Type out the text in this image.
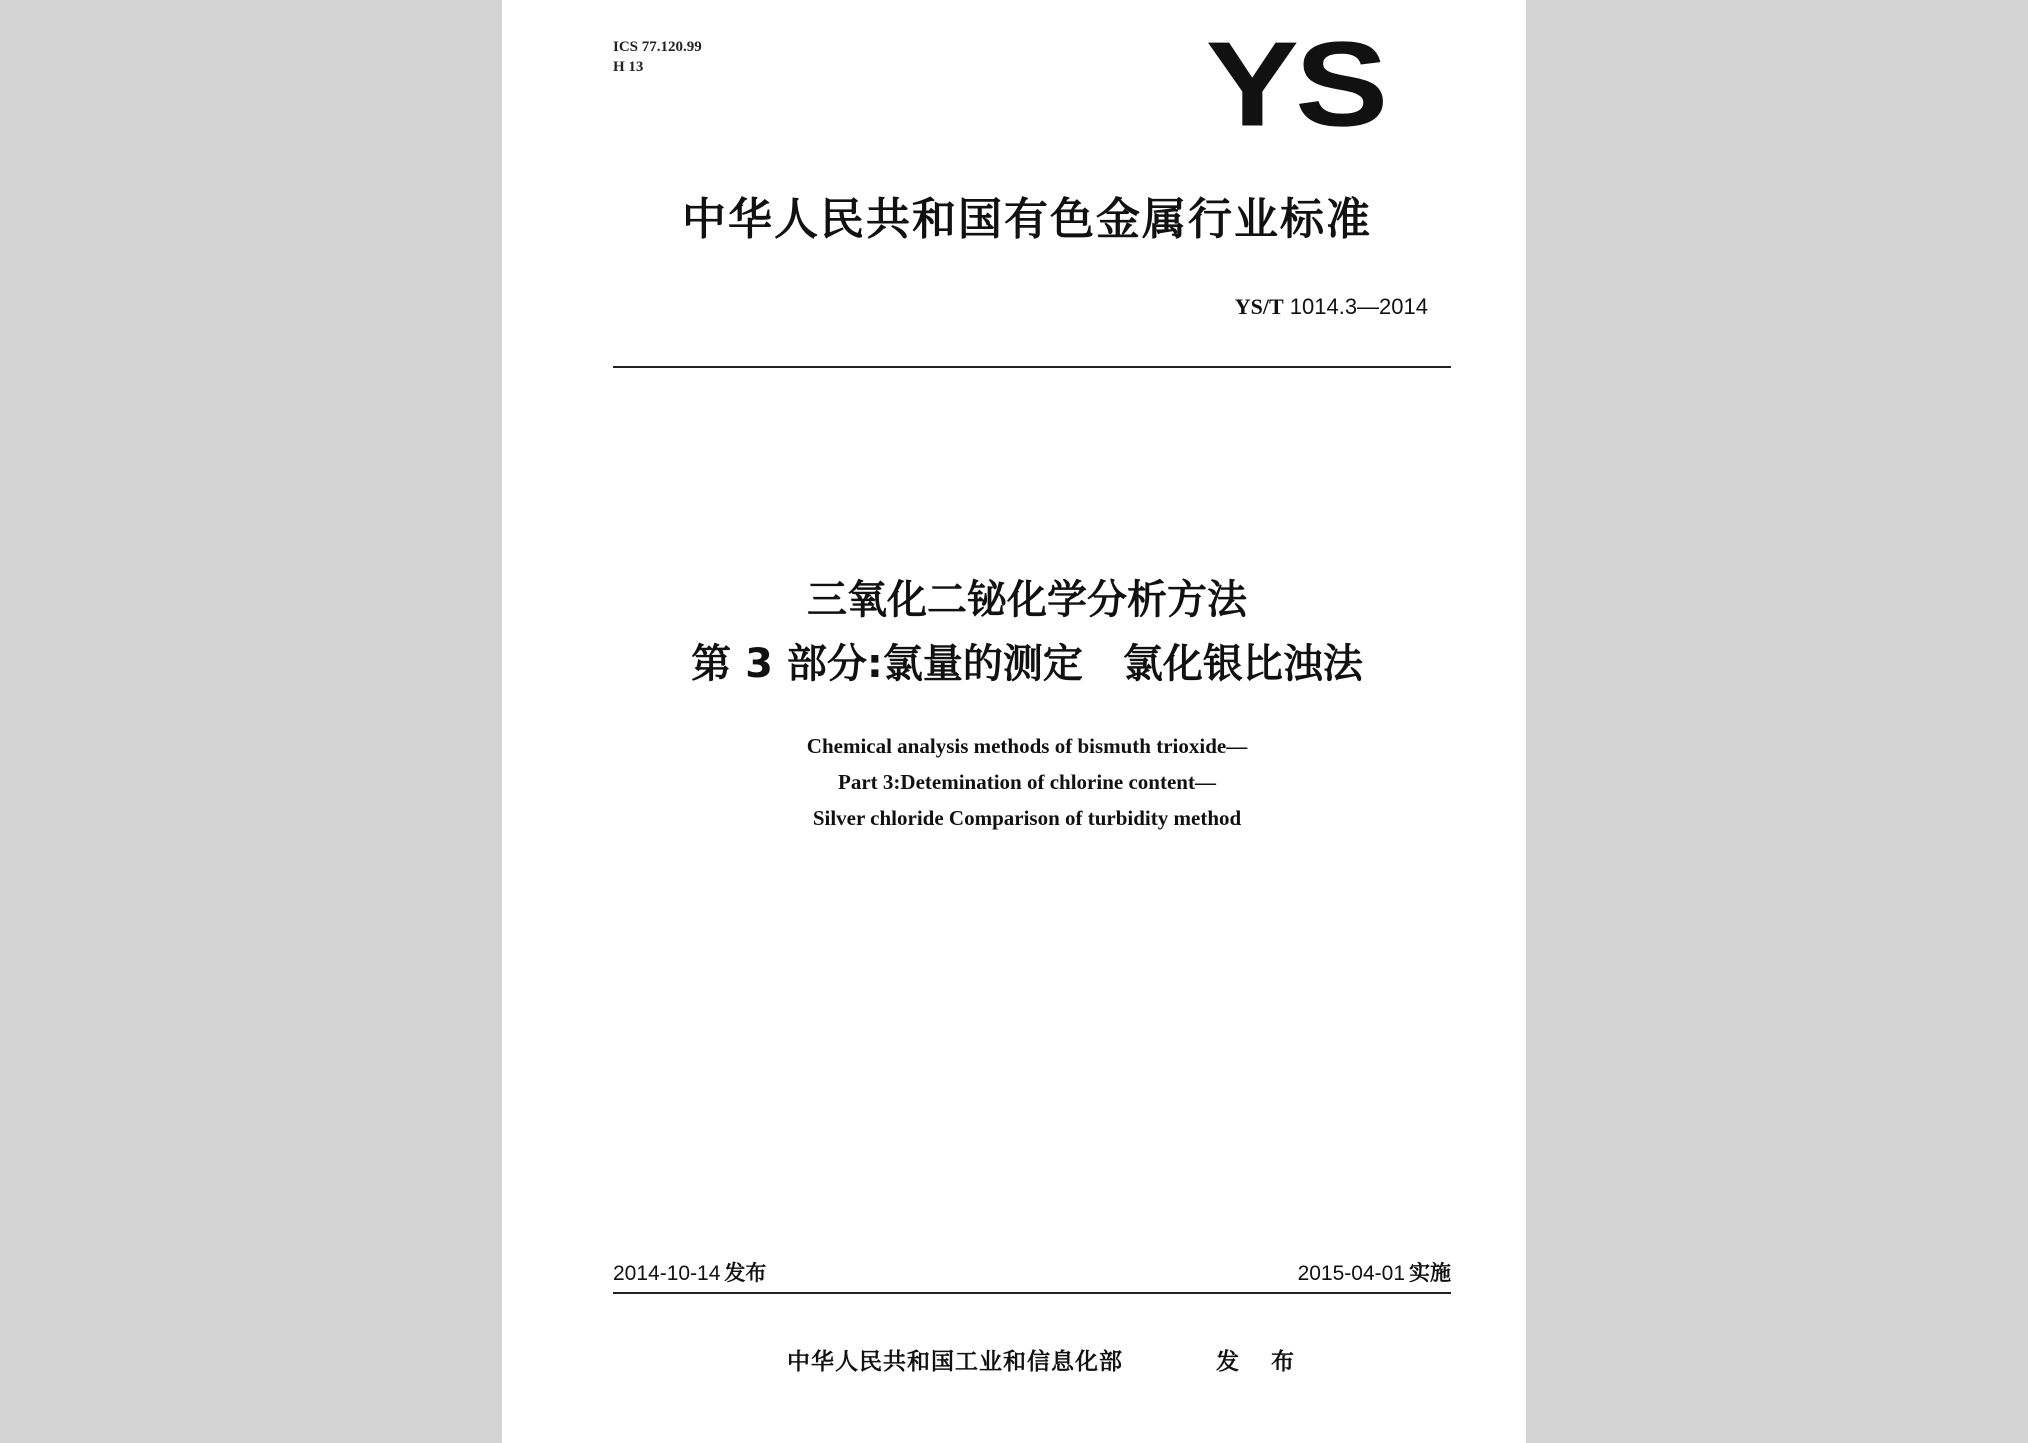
ICS 77.120.99
H 13	YS
中华人民共和国有色金属行业标准
YS/T 1014.3—2014
三氧化二铋化学分析方法
第 3 部分:氯量的测定 氯化银比浊法
Chemical analysis methods of bismuth trioxide—
Part 3:Detemination of chlorine content—
Silver chloride Comparison of turbidity method
2014-10-14 发布	2015-04-01 实施
中华人民共和国工业和信息化部	发 布
